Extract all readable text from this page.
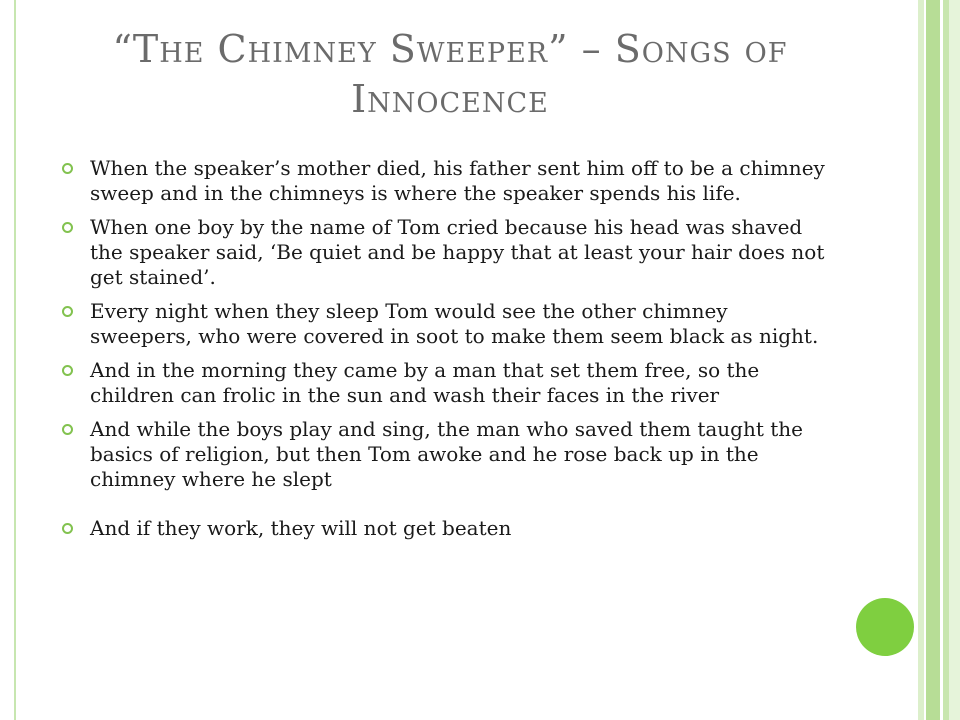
“The Chimney Sweeper” – Songs of Innocence
When the speaker’s mother died, his father sent him off to be a chimney sweep and in the chimneys is where the speaker spends his life.
When one boy by the name of Tom cried because his head was shaved the speaker said, ‘Be quiet and be happy that at least your hair does not get stained’.
Every night when they sleep Tom would see the other chimney sweepers, who were covered in soot to make them seem black as night.
And in the morning they came by a man that set them free, so the children can frolic in the sun and wash their faces in the river
And while the boys play and sing, the man who saved them taught the basics of religion, but then Tom awoke and he rose back up in the chimney where he slept
And if they work, they will not get beaten
